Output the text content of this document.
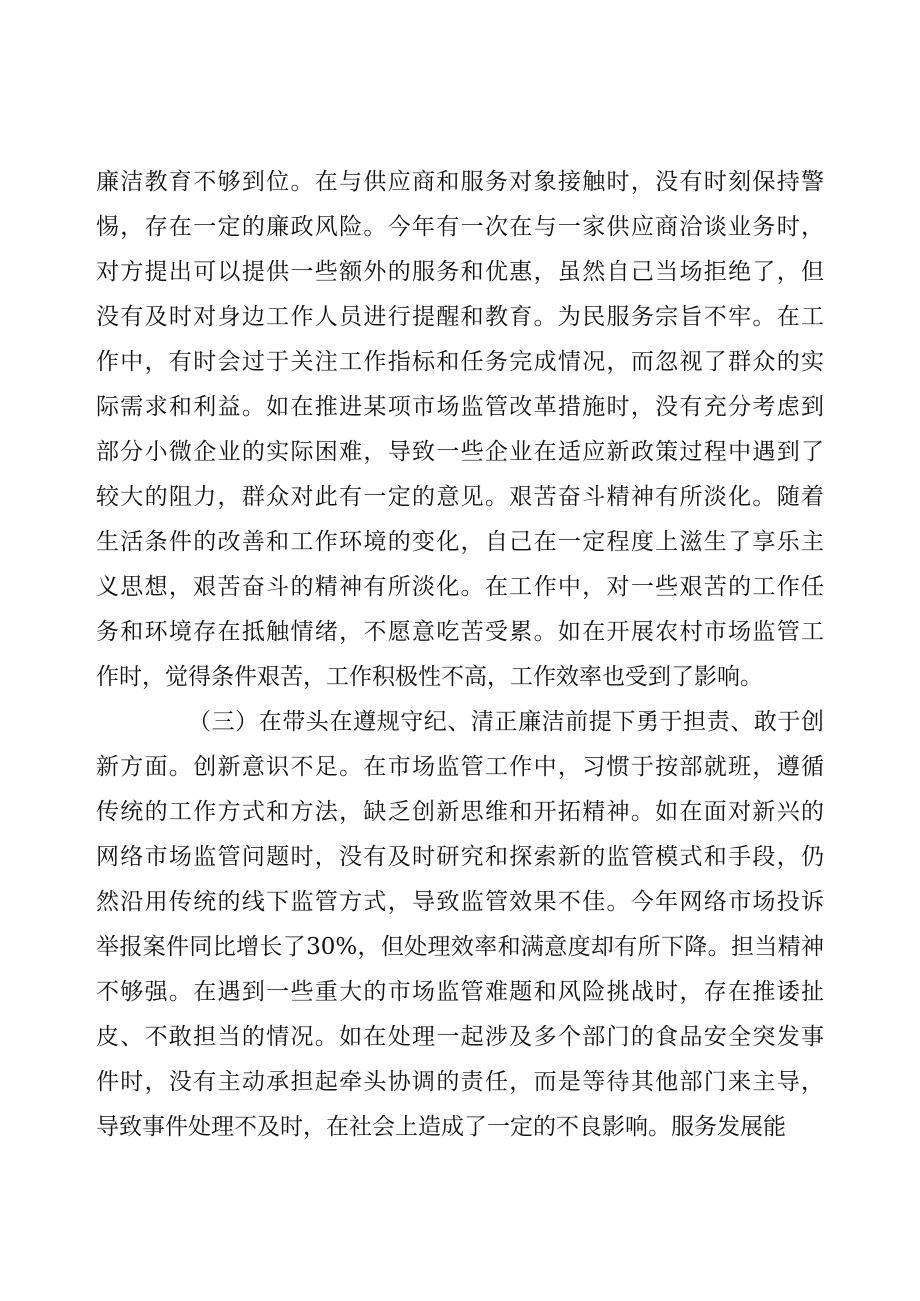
廉洁教育不够到位。在与供应商和服务对象接触时，没有时刻保持警
惕，存在一定的廉政风险。今年有一次在与一家供应商洽谈业务时，
对方提出可以提供一些额外的服务和优惠，虽然自己当场拒绝了，但
没有及时对身边工作人员进行提醒和教育。为民服务宗旨不牢。在工
作中，有时会过于关注工作指标和任务完成情况，而忽视了群众的实
际需求和利益。如在推进某项市场监管改革措施时，没有充分考虑到
部分小微企业的实际困难，导致一些企业在适应新政策过程中遇到了
较大的阻力，群众对此有一定的意见。艰苦奋斗精神有所淡化。随着
生活条件的改善和工作环境的变化，自己在一定程度上滋生了享乐主
义思想，艰苦奋斗的精神有所淡化。在工作中，对一些艰苦的工作任
务和环境存在抵触情绪，不愿意吃苦受累。如在开展农村市场监管工
作时，觉得条件艰苦，工作积极性不高，工作效率也受到了影响。
（三）在带头在遵规守纪、清正廉洁前提下勇于担责、敢于创
新方面。创新意识不足。在市场监管工作中，习惯于按部就班，遵循
传统的工作方式和方法，缺乏创新思维和开拓精神。如在面对新兴的
网络市场监管问题时，没有及时研究和探索新的监管模式和手段，仍
然沿用传统的线下监管方式，导致监管效果不佳。今年网络市场投诉
举报案件同比增长了30%，但处理效率和满意度却有所下降。担当精神
不够强。在遇到一些重大的市场监管难题和风险挑战时，存在推诿扯
皮、不敢担当的情况。如在处理一起涉及多个部门的食品安全突发事
件时，没有主动承担起牵头协调的责任，而是等待其他部门来主导，
导致事件处理不及时，在社会上造成了一定的不良影响。服务发展能
